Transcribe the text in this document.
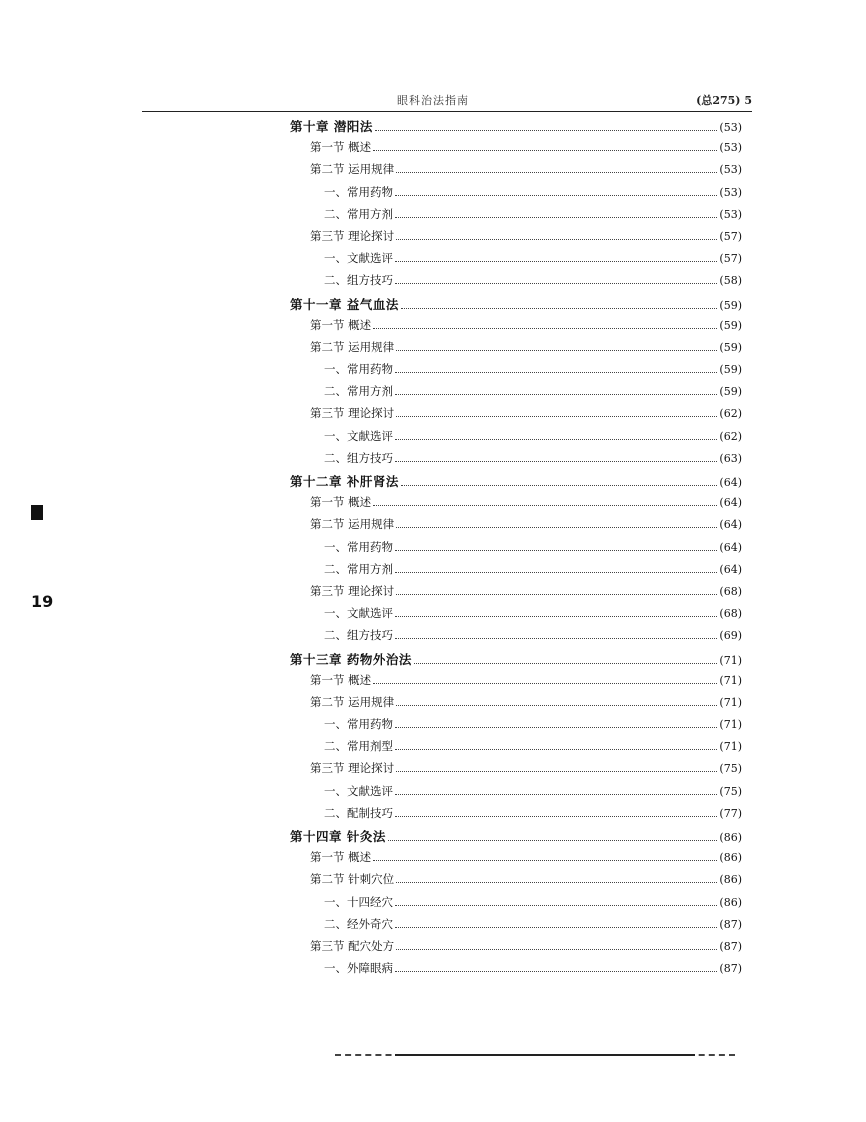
眼科治法指南	(总275) 5
19
第十章 潜阳法	(53)
第一节 概述	(53)
第二节 运用规律	(53)
一、常用药物	(53)
二、常用方剂	(53)
第三节 理论探讨	(57)
一、文献选评	(57)
二、组方技巧	(58)
第十一章 益气血法	(59)
第一节 概述	(59)
第二节 运用规律	(59)
一、常用药物	(59)
二、常用方剂	(59)
第三节 理论探讨	(62)
一、文献选评	(62)
二、组方技巧	(63)
第十二章 补肝肾法	(64)
第一节 概述	(64)
第二节 运用规律	(64)
一、常用药物	(64)
二、常用方剂	(64)
第三节 理论探讨	(68)
一、文献选评	(68)
二、组方技巧	(69)
第十三章 药物外治法	(71)
第一节 概述	(71)
第二节 运用规律	(71)
一、常用药物	(71)
二、常用剂型	(71)
第三节 理论探讨	(75)
一、文献选评	(75)
二、配制技巧	(77)
第十四章 针灸法	(86)
第一节 概述	(86)
第二节 针刺穴位	(86)
一、十四经穴	(86)
二、经外奇穴	(87)
第三节 配穴处方	(87)
一、外障眼病	(87)
